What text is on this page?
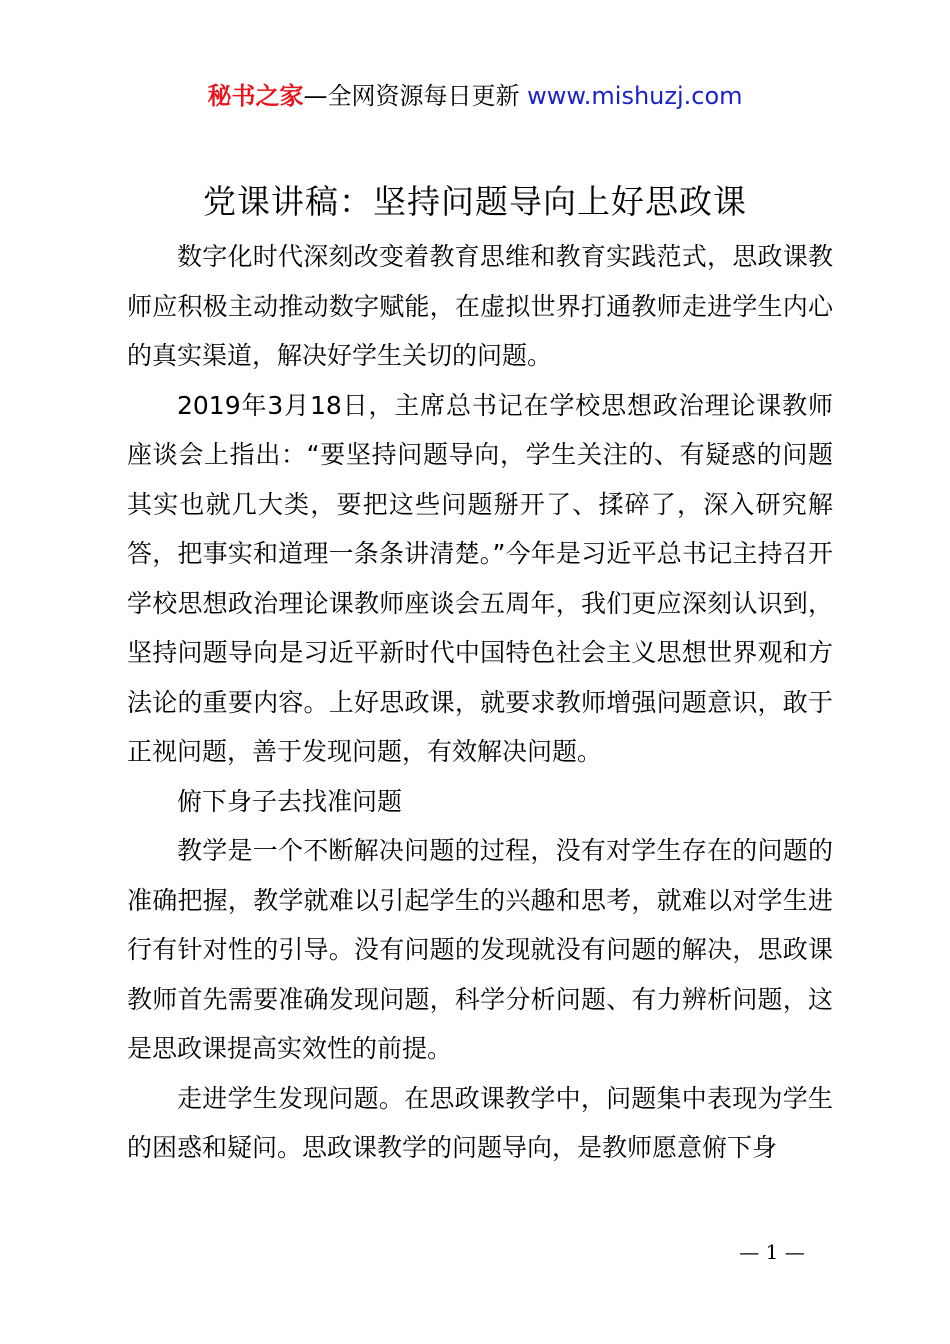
秘书之家—全网资源每日更新 www.mishuzj.com
党课讲稿：坚持问题导向上好思政课

数字化时代深刻改变着教育思维和教育实践范式，思政课教师应积极主动推动数字赋能，在虚拟世界打通教师走进学生内心的真实渠道，解决好学生关切的问题。

2019年3月18日，主席总书记在学校思想政治理论课教师座谈会上指出：“要坚持问题导向，学生关注的、有疑惑的问题其实也就几大类，要把这些问题掰开了、揉碎了，深入研究解答，把事实和道理一条条讲清楚。”今年是习近平总书记主持召开学校思想政治理论课教师座谈会五周年，我们更应深刻认识到，坚持问题导向是习近平新时代中国特色社会主义思想世界观和方法论的重要内容。上好思政课，就要求教师增强问题意识，敢于正视问题，善于发现问题，有效解决问题。

俯下身子去找准问题

教学是一个不断解决问题的过程，没有对学生存在的问题的准确把握，教学就难以引起学生的兴趣和思考，就难以对学生进行有针对性的引导。没有问题的发现就没有问题的解决，思政课教师首先需要准确发现问题，科学分析问题、有力辨析问题，这是思政课提高实效性的前提。

走进学生发现问题。在思政课教学中，问题集中表现为学生的困惑和疑问。思政课教学的问题导向，是教师愿意俯下身

— 1 —
